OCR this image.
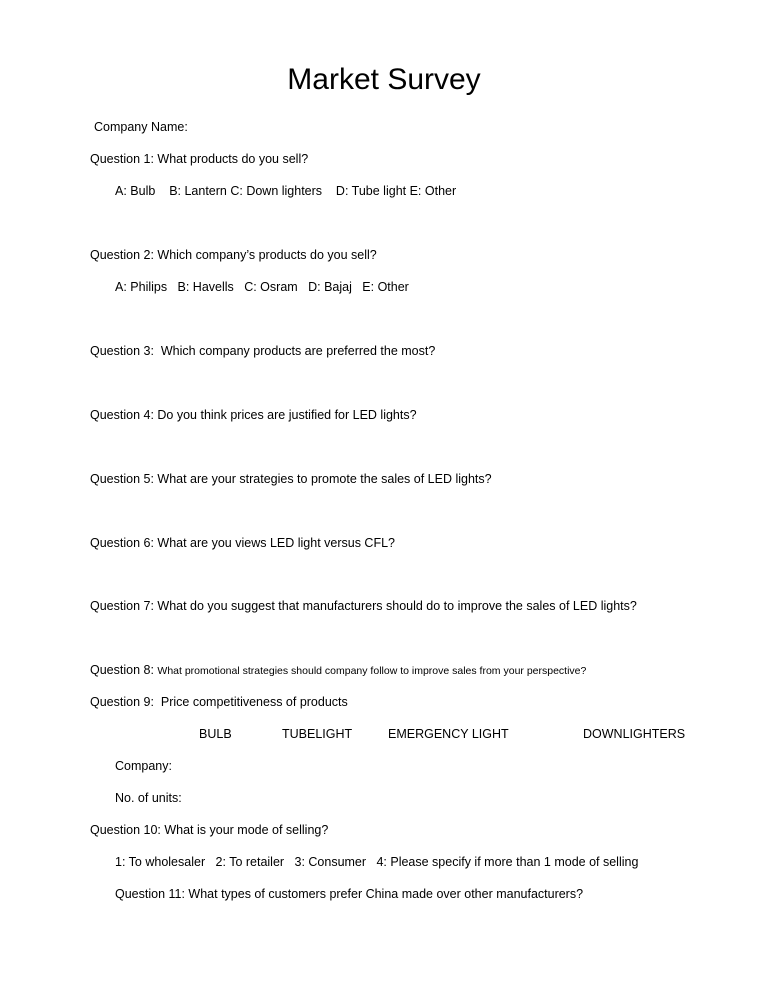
Market Survey
Company Name:
Question 1: What products do you sell?
A: Bulb    B: Lantern C: Down lighters    D: Tube light E: Other
Question 2: Which company’s products do you sell?
A: Philips   B: Havells   C: Osram   D: Bajaj   E: Other
Question 3:  Which company products are preferred the most?
Question 4: Do you think prices are justified for LED lights?
Question 5: What are your strategies to promote the sales of LED lights?
Question 6: What are you views LED light versus CFL?
Question 7: What do you suggest that manufacturers should do to improve the sales of LED lights?
Question 8: What promotional strategies should company follow to improve sales from your perspective?
Question 9:  Price competitiveness of products
BULB	TUBELIGHT	EMERGENCY LIGHT	DOWNLIGHTERS
Company:
No. of units:
Question 10: What is your mode of selling?
1: To wholesaler   2: To retailer   3: Consumer   4: Please specify if more than 1 mode of selling
Question 11: What types of customers prefer China made over other manufacturers?
